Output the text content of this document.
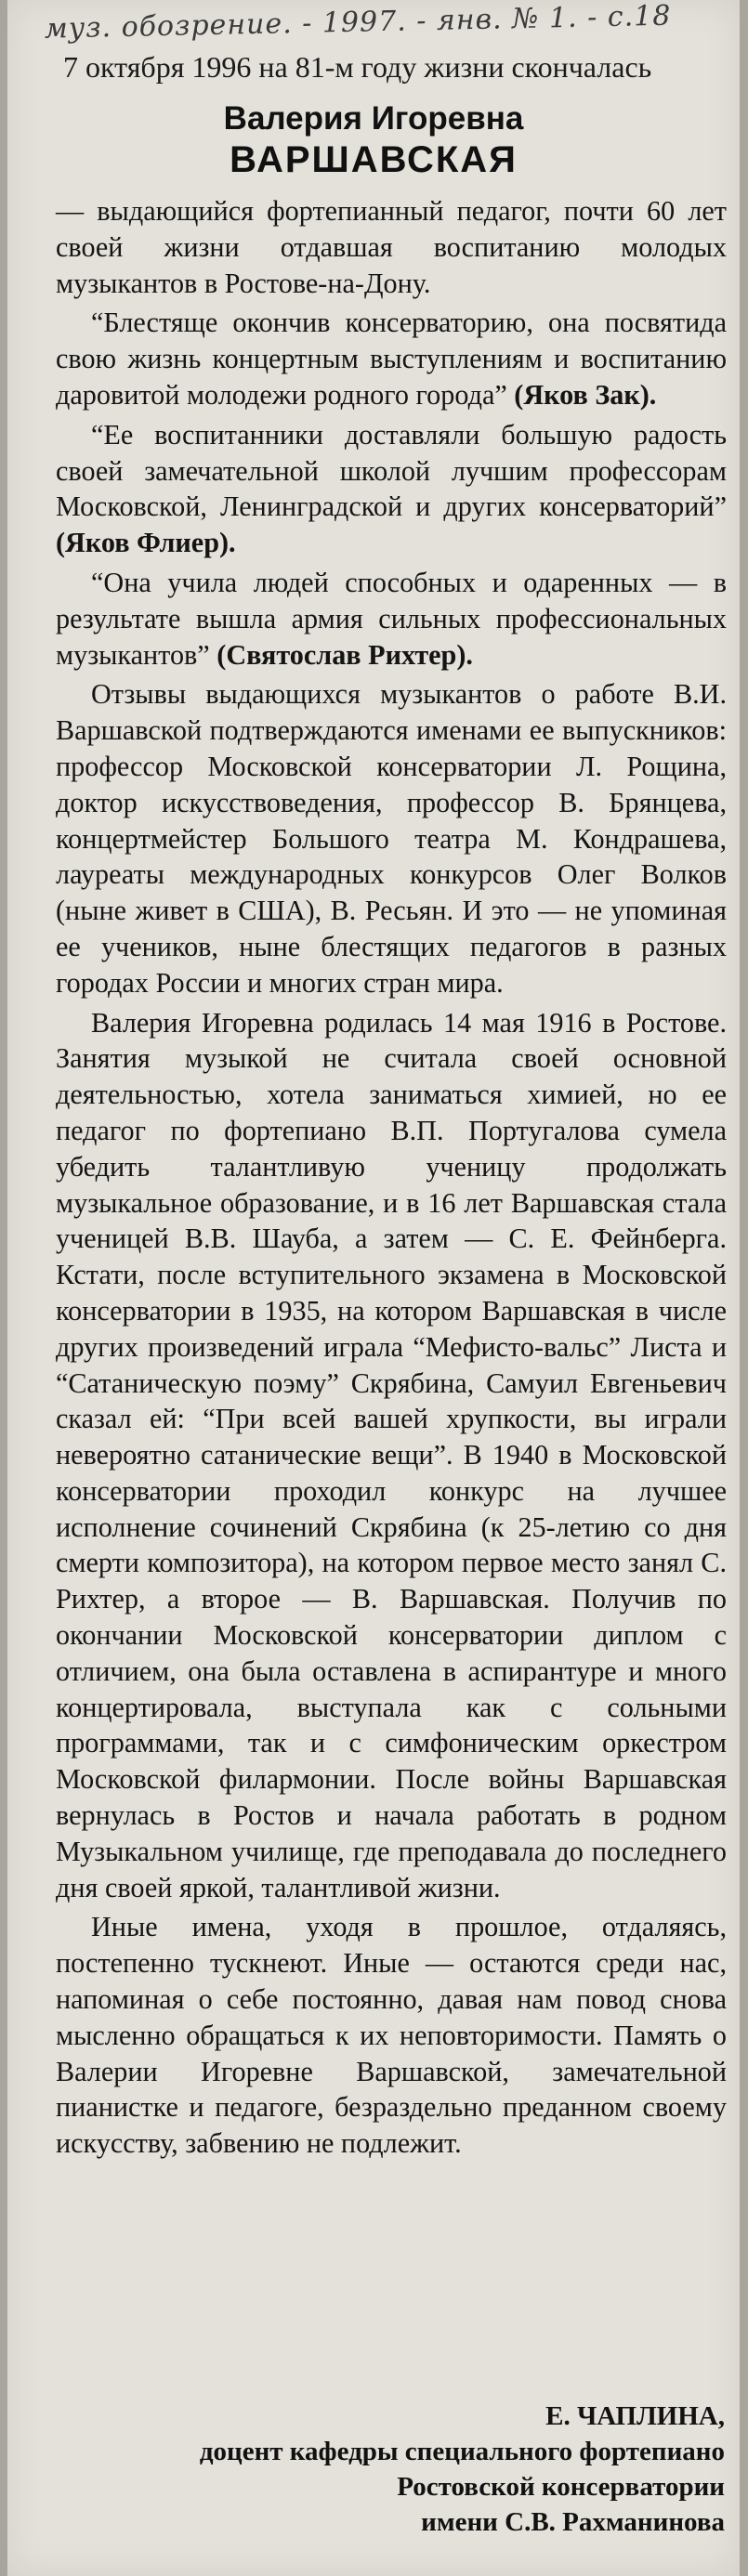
муз. обозрение. - 1997. - янв. № 1. - с.18
7 октября 1996 на 81-м году жизни скончалась
Валерия Игоревна
ВАРШАВСКАЯ

— выдающийся фортепианный педагог, почти 60 лет своей жизни отдавшая воспитанию молодых музыкантов в Ростове-на-Дону.

“Блестяще окончив консерваторию, она посвятида свою жизнь концертным выступлениям и воспитанию даровитой молодежи родного города” (Яков Зак).

“Ее воспитанники доставляли большую радость своей замечательной школой лучшим профессорам Московской, Ленинградской и других консерваторий” (Яков Флиер).

“Она учила людей способных и одаренных — в результате вышла армия сильных профессиональных музыкантов” (Святослав Рихтер).

Отзывы выдающихся музыкантов о работе В.И. Варшавской подтверждаются именами ее выпускников: профессор Московской консерватории Л. Рощина, доктор искусствоведения, профессор В. Брянцева, концертмейстер Большого театра М. Кондрашева, лауреаты международных конкурсов Олег Волков (ныне живет в США), В. Ресьян. И это — не упоминая ее учеников, ныне блестящих педагогов в разных городах России и многих стран мира.

Валерия Игоревна родилась 14 мая 1916 в Ростове. Занятия музыкой не считала своей основной деятельностью, хотела заниматься химией, но ее педагог по фортепиано В.П. Португалова сумела убедить талантливую ученицу продолжать музыкальное образование, и в 16 лет Варшавская стала ученицей В.В. Шауба, а затем — С. Е. Фейнберга. Кстати, после вступительного экзамена в Московской консерватории в 1935, на котором Варшавская в числе других произведений играла “Мефисто-вальс” Листа и “Сатаническую поэму” Скрябина, Самуил Евгеньевич сказал ей: “При всей вашей хрупкости, вы играли невероятно сатанические вещи”. В 1940 в Московской консерватории проходил конкурс на лучшее исполнение сочинений Скрябина (к 25-летию со дня смерти композитора), на котором первое место занял С. Рихтер, а второе — В. Варшавская. Получив по окончании Московской консерватории диплом с отличием, она была оставлена в аспирантуре и много концертировала, выступала как с сольными программами, так и с симфоническим оркестром Московской филармонии. После войны Варшавская вернулась в Ростов и начала работать в родном Музыкальном училище, где преподавала до последнего дня своей яркой, талантливой жизни.

Иные имена, уходя в прошлое, отдаляясь, постепенно тускнеют. Иные — остаются среди нас, напоминая о себе постоянно, давая нам повод снова мысленно обращаться к их неповторимости. Память о Валерии Игоревне Варшавской, замечательной пианистке и педагоге, безраздельно преданном своему искусству, забвению не подлежит.

Е. ЧАПЛИНА,
доцент кафедры специального фортепиано
Ростовской консерватории
имени С.В. Рахманинова
